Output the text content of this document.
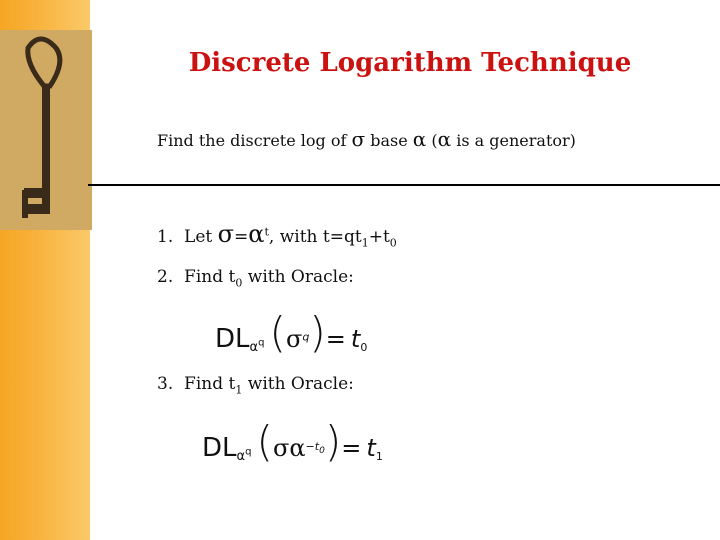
Discrete Logarithm Technique
Find the discrete log of σ base α (α is a generator)
1. Let $\sigma=\alpha^t$, with $t=qt_1+t_0$
2. Find $t_0$ with Oracle:
$DL_{\alpha^q}$ $(\sigma^q)= t_0$
3. Find $t_1$ with Oracle:
$DL_{\alpha^q}$ $(\sigma\alpha^{-t_0})= t_1$
